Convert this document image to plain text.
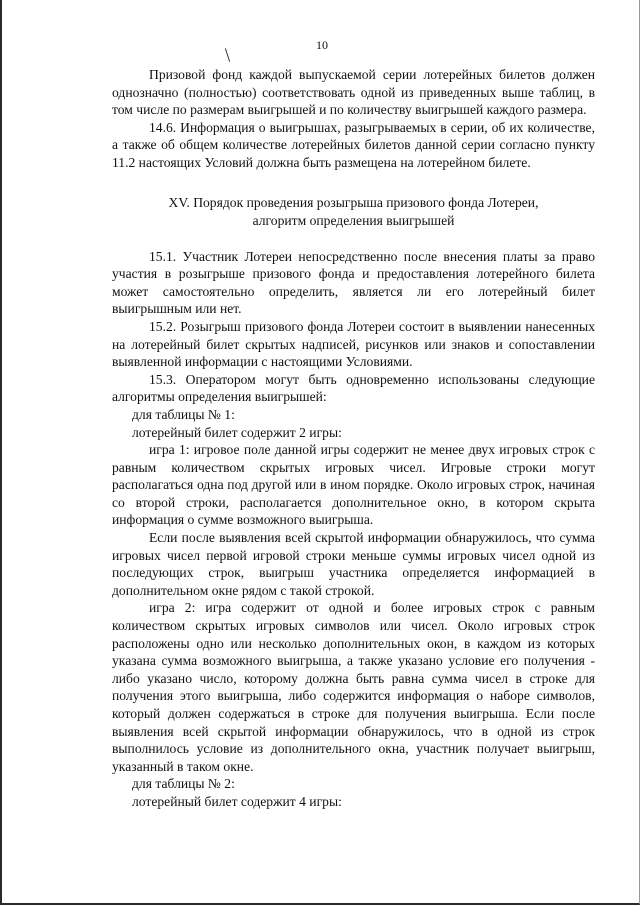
10

Призовой фонд каждой выпускаемой серии лотерейных билетов должен однозначно (полностью) соответствовать одной из приведенных выше таблиц, в том числе по размерам выигрышей и по количеству выигрышей каждого размера.

14.6. Информация о выигрышах, разыгрываемых в серии, об их количестве, а также об общем количестве лотерейных билетов данной серии согласно пункту 11.2 настоящих Условий должна быть размещена на лотерейном билете.

XV. Порядок проведения розыгрыша призового фонда Лотереи,
алгоритм определения выигрышей

15.1. Участник Лотереи непосредственно после внесения платы за право участия в розыгрыше призового фонда и предоставления лотерейного билета может самостоятельно определить, является ли его лотерейный билет выигрышным или нет.

15.2. Розыгрыш призового фонда Лотереи состоит в выявлении нанесенных на лотерейный билет скрытых надписей, рисунков или знаков и сопоставлении выявленной информации с настоящими Условиями.

15.3. Оператором могут быть одновременно использованы следующие алгоритмы определения выигрышей:

для таблицы № 1:

лотерейный билет содержит 2 игры:

игра 1: игровое поле данной игры содержит не менее двух игровых строк с равным количеством скрытых игровых чисел. Игровые строки могут располагаться одна под другой или в ином порядке. Около игровых строк, начиная со второй строки, располагается дополнительное окно, в котором скрыта информация о сумме возможного выигрыша.

Если после выявления всей скрытой информации обнаружилось, что сумма игровых чисел первой игровой строки меньше суммы игровых чисел одной из последующих строк, выигрыш участника определяется информацией в дополнительном окне рядом с такой строкой.

игра 2: игра содержит от одной и более игровых строк с равным количеством скрытых игровых символов или чисел. Около игровых строк расположены одно или несколько дополнительных окон, в каждом из которых указана сумма возможного выигрыша, а также указано условие его получения - либо указано число, которому должна быть равна сумма чисел в строке для получения этого выигрыша, либо содержится информация о наборе символов, который должен содержаться в строке для получения выигрыша. Если после выявления всей скрытой информации обнаружилось, что в одной из строк выполнилось условие из дополнительного окна, участник получает выигрыш, указанный в таком окне.

для таблицы № 2:

лотерейный билет содержит 4 игры:
